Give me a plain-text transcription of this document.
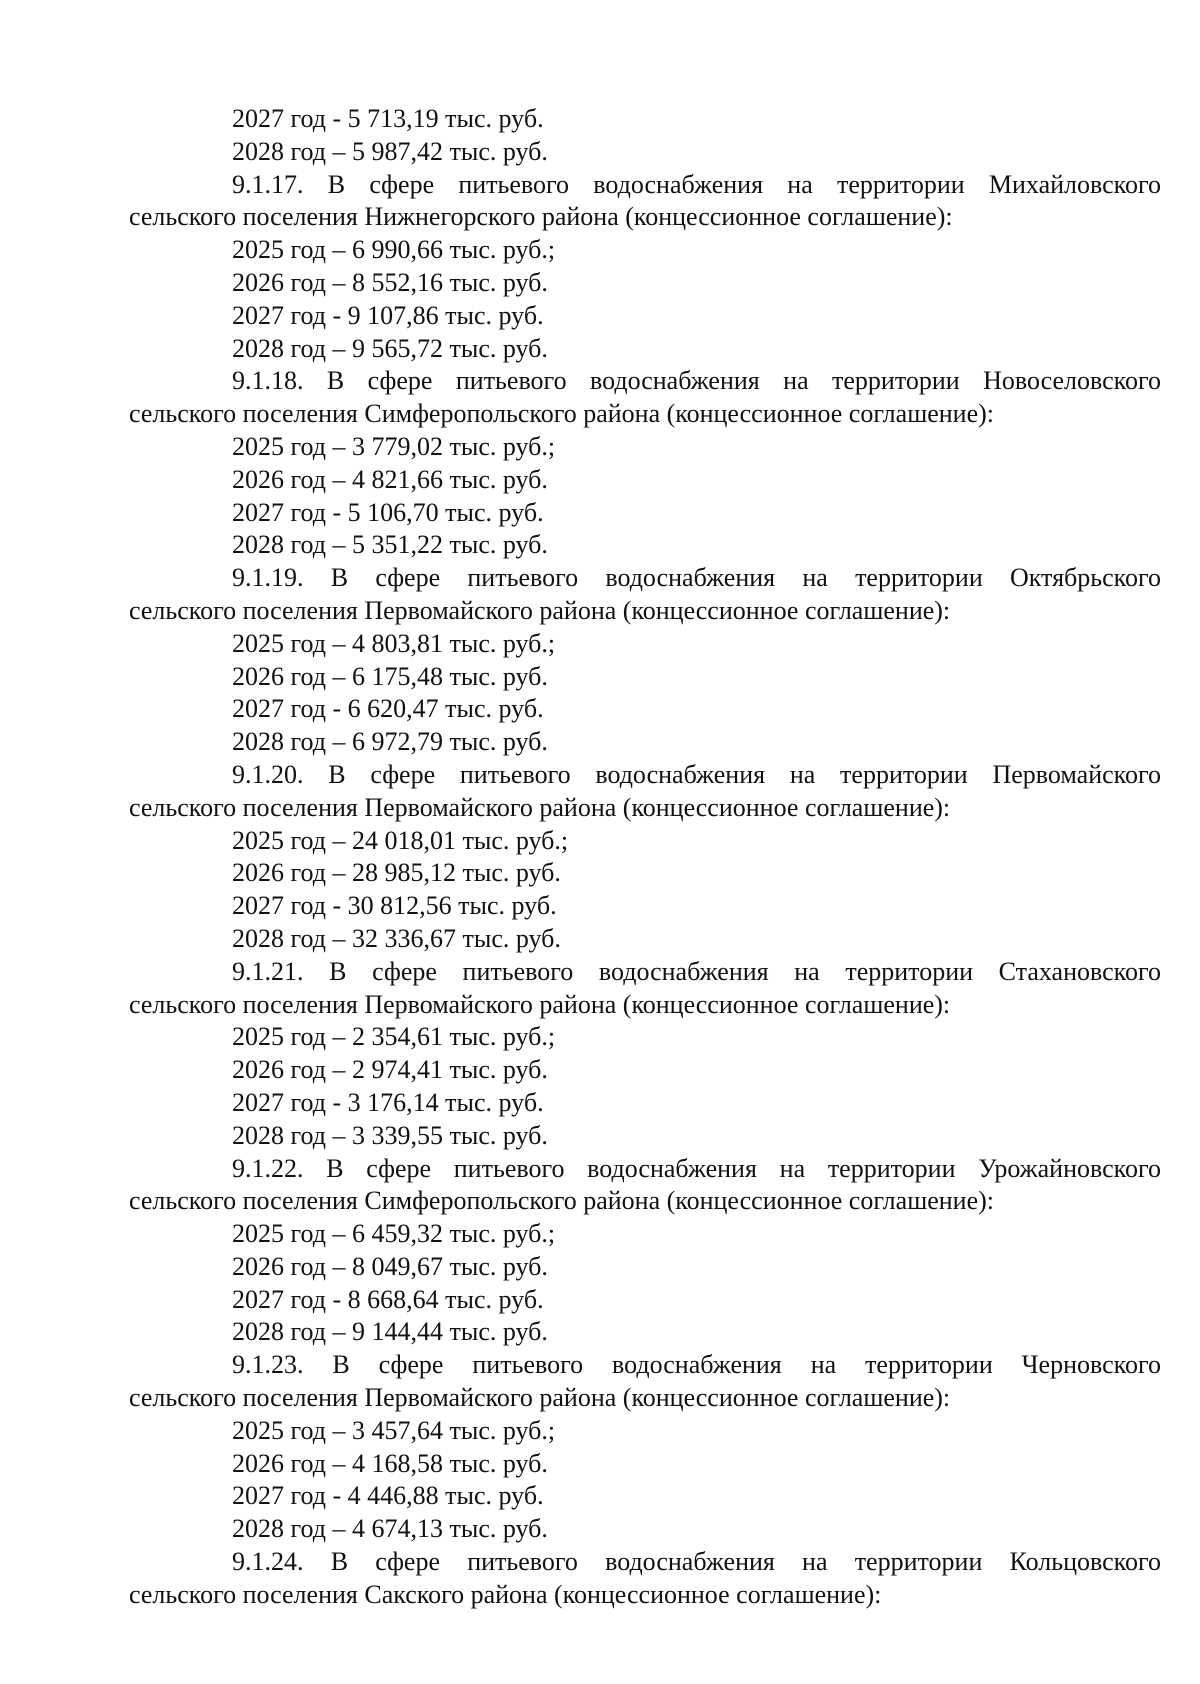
2027 год - 5 713,19 тыс. руб.
2028 год – 5 987,42 тыс. руб.
9.1.17. В сфере питьевого водоснабжения на территории Михайловского
сельского поселения Нижнегорского района (концессионное соглашение):
2025 год – 6 990,66 тыс. руб.;
2026 год – 8 552,16 тыс. руб.
2027 год - 9 107,86 тыс. руб.
2028 год – 9 565,72 тыс. руб.
9.1.18. В сфере питьевого водоснабжения на территории Новоселовского
сельского поселения Симферопольского района (концессионное соглашение):
2025 год – 3 779,02 тыс. руб.;
2026 год – 4 821,66 тыс. руб.
2027 год - 5 106,70 тыс. руб.
2028 год – 5 351,22 тыс. руб.
9.1.19. В сфере питьевого водоснабжения на территории Октябрьского
сельского поселения Первомайского района (концессионное соглашение):
2025 год – 4 803,81 тыс. руб.;
2026 год – 6 175,48 тыс. руб.
2027 год - 6 620,47 тыс. руб.
2028 год – 6 972,79 тыс. руб.
9.1.20. В сфере питьевого водоснабжения на территории Первомайского
сельского поселения Первомайского района (концессионное соглашение):
2025 год – 24 018,01 тыс. руб.;
2026 год – 28 985,12 тыс. руб.
2027 год - 30 812,56 тыс. руб.
2028 год – 32 336,67 тыс. руб.
9.1.21. В сфере питьевого водоснабжения на территории Стахановского
сельского поселения Первомайского района (концессионное соглашение):
2025 год – 2 354,61 тыс. руб.;
2026 год – 2 974,41 тыс. руб.
2027 год - 3 176,14 тыс. руб.
2028 год – 3 339,55 тыс. руб.
9.1.22. В сфере питьевого водоснабжения на территории Урожайновского
сельского поселения Симферопольского района (концессионное соглашение):
2025 год – 6 459,32 тыс. руб.;
2026 год – 8 049,67 тыс. руб.
2027 год - 8 668,64 тыс. руб.
2028 год – 9 144,44 тыс. руб.
9.1.23. В сфере питьевого водоснабжения на территории Черновского
сельского поселения Первомайского района (концессионное соглашение):
2025 год – 3 457,64 тыс. руб.;
2026 год – 4 168,58 тыс. руб.
2027 год - 4 446,88 тыс. руб.
2028 год – 4 674,13 тыс. руб.
9.1.24. В сфере питьевого водоснабжения на территории Кольцовского
сельского поселения Сакского района (концессионное соглашение):
